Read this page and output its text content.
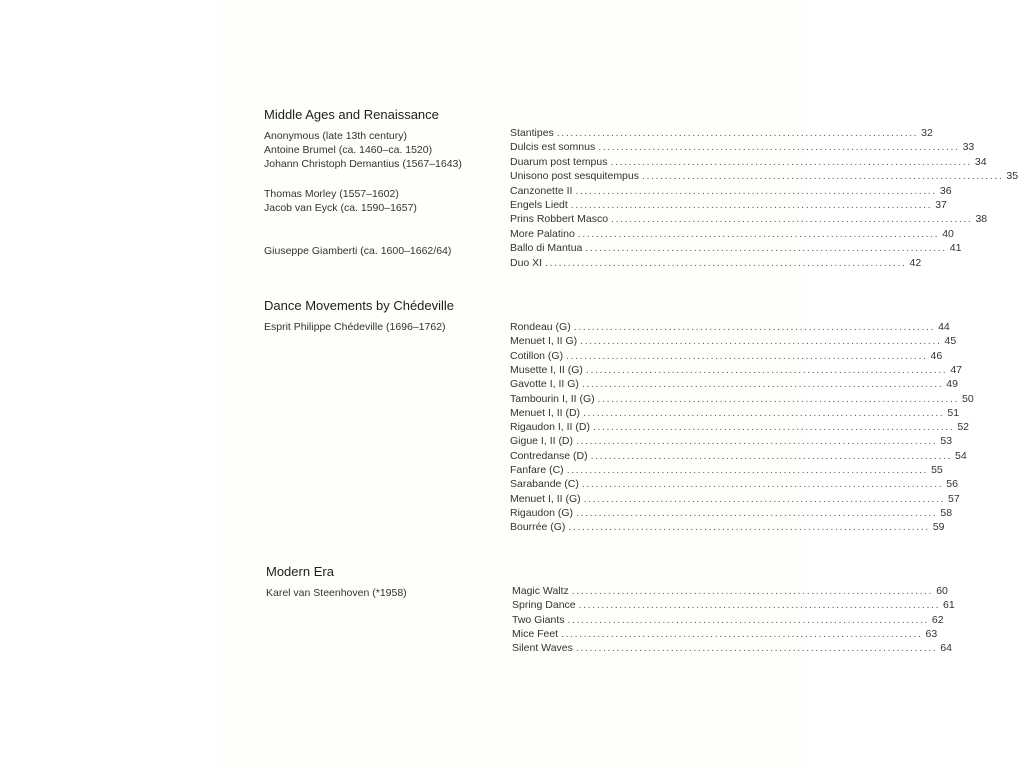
Middle Ages and Renaissance
Anonymous (late 13th century)
Antoine Brumel (ca. 1460–ca. 1520)
Johann Christoph Demantius (1567–1643)
Thomas Morley (1557–1602)
Jacob van Eyck (ca. 1590–1657)
Giuseppe Giamberti (ca. 1600–1662/64)
Stantipes ................................................................................ 32
Dulcis est somnus ................................................................................ 33
Duarum post tempus ................................................................................ 34
Unisono post sesquitempus ................................................................................ 35
Canzonette II ................................................................................ 36
Engels Liedt ................................................................................ 37
Prins Robbert Masco ................................................................................ 38
More Palatino ................................................................................ 40
Ballo di Mantua ................................................................................ 41
Duo XI ................................................................................ 42
Dance Movements by Chédeville
Esprit Philippe Chédeville (1696–1762)	Rondeau (G) ................................................................................ 44
Menuet I, II G) ................................................................................ 45
Cotillon (G) ................................................................................ 46
Musette I, II (G) ................................................................................ 47
Gavotte I, II G) ................................................................................ 49
Tambourin I, II (G) ................................................................................ 50
Menuet I, II (D) ................................................................................ 51
Rigaudon I, II (D) ................................................................................ 52
Gigue I, II (D) ................................................................................ 53
Contredanse (D) ................................................................................ 54
Fanfare (C) ................................................................................ 55
Sarabande (C) ................................................................................ 56
Menuet I, II (G) ................................................................................ 57
Rigaudon (G) ................................................................................ 58
Bourrée (G) ................................................................................ 59
Modern Era
Karel van Steenhoven (*1958)	Magic Waltz ................................................................................ 60
Spring Dance ................................................................................ 61
Two Giants ................................................................................ 62
Mice Feet ................................................................................ 63
Silent Waves ................................................................................ 64
